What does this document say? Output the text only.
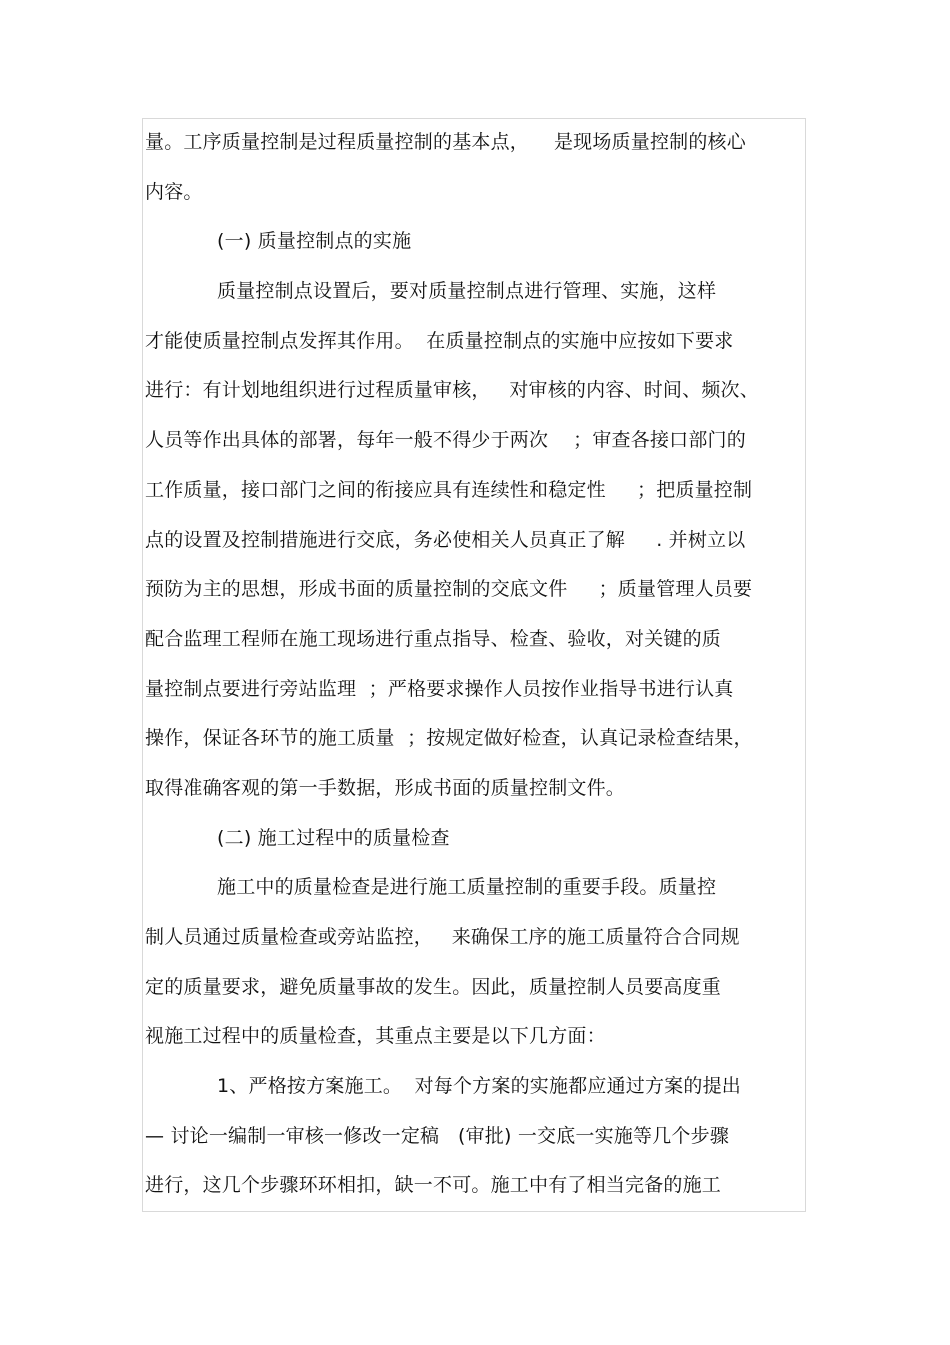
量。工序质量控制是过程质量控制的基本点，    是现场质量控制的核心
内容。
(一) 质量控制点的实施
质量控制点设置后，要对质量控制点进行管理、实施，这样
才能使质量控制点发挥其作用。  在质量控制点的实施中应按如下要求
进行：有计划地组织进行过程质量审核，   对审核的内容、时间、频次、
人员等作出具体的部署，每年一般不得少于两次    ；审查各接口部门的
工作质量，接口部门之间的衔接应具有连续性和稳定性     ；把质量控制
点的设置及控制措施进行交底，务必使相关人员真正了解     . 并树立以
预防为主的思想，形成书面的质量控制的交底文件     ；质量管理人员要
配合监理工程师在施工现场进行重点指导、检查、验收，对关键的质
量控制点要进行旁站监理  ；严格要求操作人员按作业指导书进行认真
操作，保证各环节的施工质量  ；按规定做好检查，认真记录检查结果，
取得准确客观的第一手数据，形成书面的质量控制文件。
(二) 施工过程中的质量检查
施工中的质量检查是进行施工质量控制的重要手段。质量控
制人员通过质量检查或旁站监控，   来确保工序的施工质量符合合同规
定的质量要求，避免质量事故的发生。因此，质量控制人员要高度重
视施工过程中的质量检查，其重点主要是以下几方面：
1、严格按方案施工。  对每个方案的实施都应通过方案的提出
— 讨论一编制一审核一修改一定稿   (审批) 一交底一实施等几个步骤
进行，这几个步骤环环相扣，缺一不可。施工中有了相当完备的施工
